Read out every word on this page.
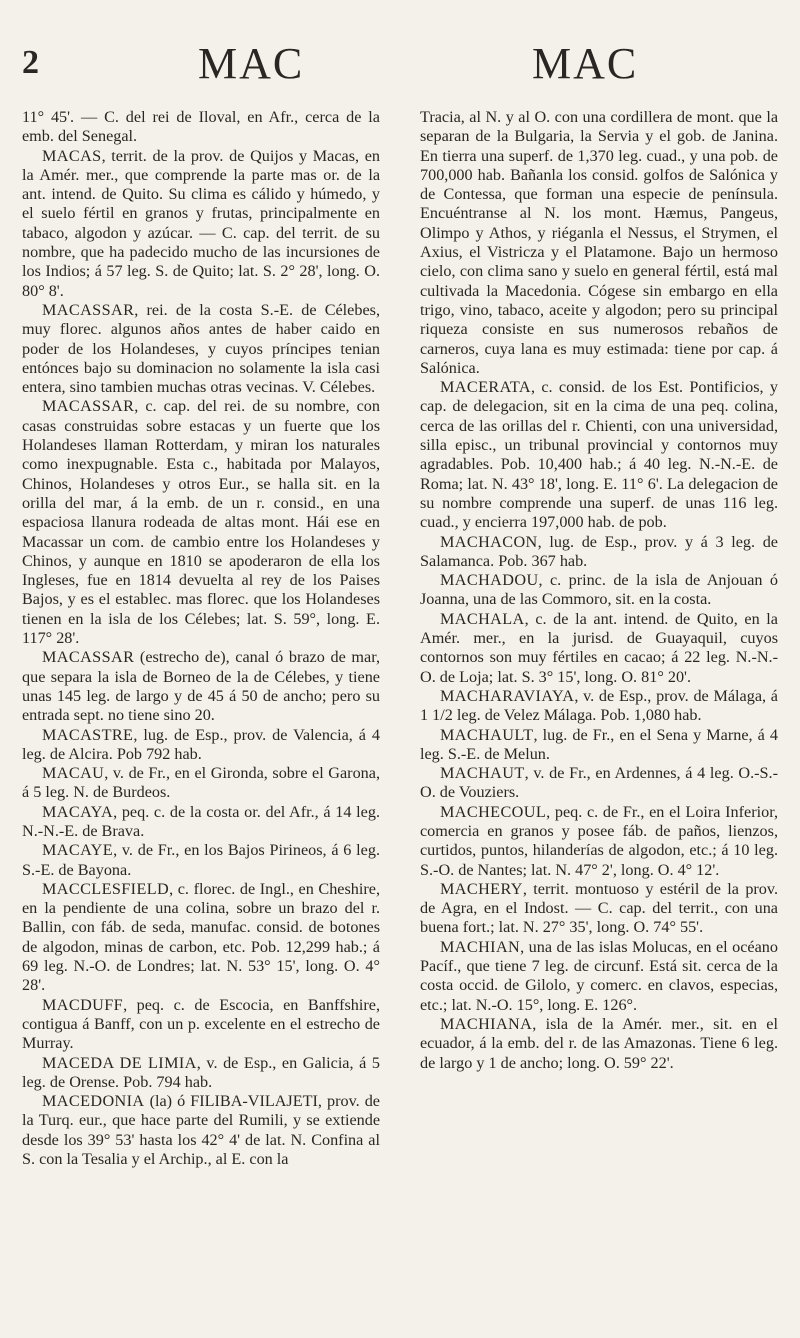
2	MAC	MAC

11° 45'. — C. del rei de Iloval, en Afr., cerca de la emb. del Senegal.

MACAS, territ. de la prov. de Quijos y Macas, en la Amér. mer., que comprende la parte mas or. de la ant. intend. de Quito. Su clima es cálido y húmedo, y el suelo fértil en granos y frutas, principalmente en tabaco, algodon y azúcar. — C. cap. del territ. de su nombre, que ha padecido mucho de las incursiones de los Indios; á 57 leg. S. de Quito; lat. S. 2° 28', long. O. 80° 8'.

MACASSAR, rei. de la costa S.-E. de Célebes, muy florec. algunos años antes de haber caido en poder de los Holandeses, y cuyos príncipes tenian entónces bajo su dominacion no solamente la isla casi entera, sino tambien muchas otras vecinas. V. Célebes.

MACASSAR, c. cap. del rei. de su nombre, con casas construidas sobre estacas y un fuerte que los Holandeses llaman Rotterdam, y miran los naturales como inexpugnable. Esta c., habitada por Malayos, Chinos, Holandeses y otros Eur., se halla sit. en la orilla del mar, á la emb. de un r. consid., en una espaciosa llanura rodeada de altas mont. Hái ese en Macassar un com. de cambio entre los Holandeses y Chinos, y aunque en 1810 se apoderaron de ella los Ingleses, fue en 1814 devuelta al rey de los Paises Bajos, y es el establec. mas florec. que los Holandeses tienen en la isla de los Célebes; lat. S. 59°, long. E. 117° 28'.

MACASSAR (estrecho de), canal ó brazo de mar, que separa la isla de Borneo de la de Célebes, y tiene unas 145 leg. de largo y de 45 á 50 de ancho; pero su entrada sept. no tiene sino 20.

MACASTRE, lug. de Esp., prov. de Valencia, á 4 leg. de Alcira. Pob 792 hab.

MACAU, v. de Fr., en el Gironda, sobre el Garona, á 5 leg. N. de Burdeos.

MACAYA, peq. c. de la costa or. del Afr., á 14 leg. N.-N.-E. de Brava.

MACAYE, v. de Fr., en los Bajos Pirineos, á 6 leg. S.-E. de Bayona.

MACCLESFIELD, c. florec. de Ingl., en Cheshire, en la pendiente de una colina, sobre un brazo del r. Ballin, con fáb. de seda, manufac. consid. de botones de algodon, minas de carbon, etc. Pob. 12,299 hab.; á 69 leg. N.-O. de Londres; lat. N. 53° 15', long. O. 4° 28'.

MACDUFF, peq. c. de Escocia, en Banffshire, contigua á Banff, con un p. excelente en el estrecho de Murray.

MACEDA DE LIMIA, v. de Esp., en Galicia, á 5 leg. de Orense. Pob. 794 hab.

MACEDONIA (la) ó FILIBA-VILAJETI, prov. de la Turq. eur., que hace parte del Rumili, y se extiende desde los 39° 53' hasta los 42° 4' de lat. N. Confina al S. con la Tesalia y el Archip., al E. con la

Tracia, al N. y al O. con una cordillera de mont. que la separan de la Bulgaria, la Servia y el gob. de Janina. En tierra una superf. de 1,370 leg. cuad., y una pob. de 700,000 hab. Bañanla los consid. golfos de Salónica y de Contessa, que forman una especie de península. Encuéntranse al N. los mont. Hæmus, Pangeus, Olimpo y Athos, y riéganla el Nessus, el Strymen, el Axius, el Vistricza y el Platamone. Bajo un hermoso cielo, con clima sano y suelo en general fértil, está mal cultivada la Macedonia. Cógese sin embargo en ella trigo, vino, tabaco, aceite y algodon; pero su principal riqueza consiste en sus numerosos rebaños de carneros, cuya lana es muy estimada: tiene por cap. á Salónica.

MACERATA, c. consid. de los Est. Pontificios, y cap. de delegacion, sit en la cima de una peq. colina, cerca de las orillas del r. Chienti, con una universidad, silla episc., un tribunal provincial y contornos muy agradables. Pob. 10,400 hab.; á 40 leg. N.-N.-E. de Roma; lat. N. 43° 18', long. E. 11° 6'. La delegacion de su nombre comprende una superf. de unas 116 leg. cuad., y encierra 197,000 hab. de pob.

MACHACON, lug. de Esp., prov. y á 3 leg. de Salamanca. Pob. 367 hab.

MACHADOU, c. princ. de la isla de Anjouan ó Joanna, una de las Commoro, sit. en la costa.

MACHALA, c. de la ant. intend. de Quito, en la Amér. mer., en la jurisd. de Guayaquil, cuyos contornos son muy fértiles en cacao; á 22 leg. N.-N.-O. de Loja; lat. S. 3° 15', long. O. 81° 20'.

MACHARAVIAYA, v. de Esp., prov. de Málaga, á 1 1/2 leg. de Velez Málaga. Pob. 1,080 hab.

MACHAULT, lug. de Fr., en el Sena y Marne, á 4 leg. S.-E. de Melun.

MACHAUT, v. de Fr., en Ardennes, á 4 leg. O.-S.-O. de Vouziers.

MACHECOUL, peq. c. de Fr., en el Loira Inferior, comercia en granos y posee fáb. de paños, lienzos, curtidos, puntos, hilanderías de algodon, etc.; á 10 leg. S.-O. de Nantes; lat. N. 47° 2', long. O. 4° 12'.

MACHERY, territ. montuoso y estéril de la prov. de Agra, en el Indost. — C. cap. del territ., con una buena fort.; lat. N. 27° 35', long. O. 74° 55'.

MACHIAN, una de las islas Molucas, en el océano Pacíf., que tiene 7 leg. de circunf. Está sit. cerca de la costa occid. de Gilolo, y comerc. en clavos, especias, etc.; lat. N.-O. 15°, long. E. 126°.

MACHIANA, isla de la Amér. mer., sit. en el ecuador, á la emb. del r. de las Amazonas. Tiene 6 leg. de largo y 1 de ancho; long. O. 59° 22'.
